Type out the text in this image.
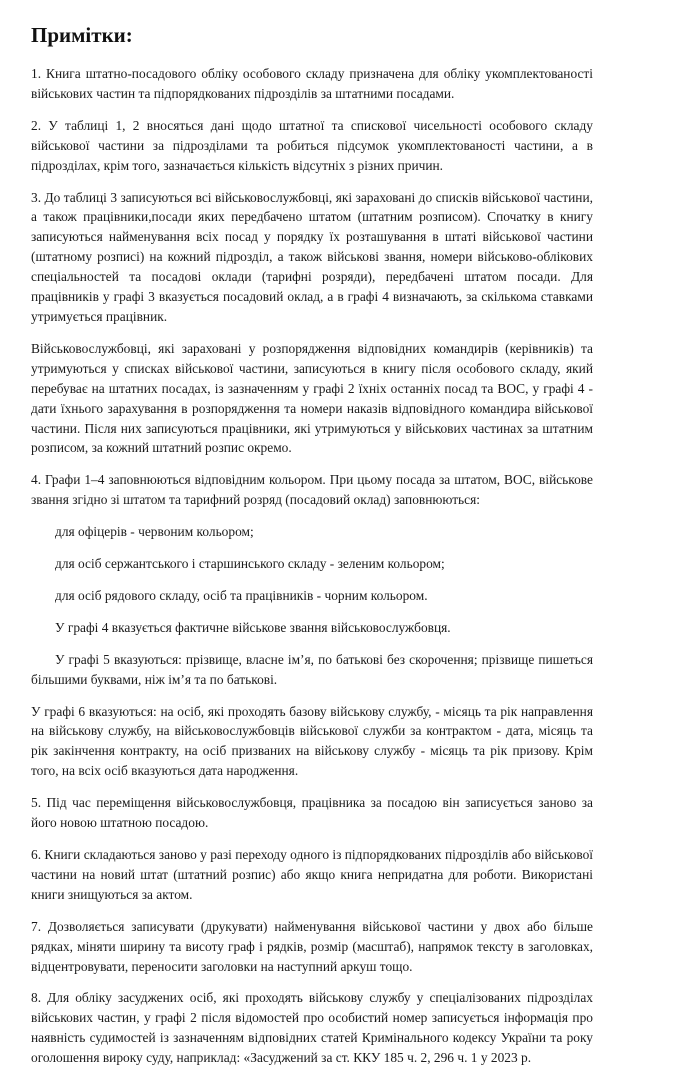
Примітки:

1. Книга штатно-посадового обліку особового складу призначена для обліку укомплектованості військових частин та підпорядкованих підрозділів за штатними посадами.

2. У таблиці 1, 2 вносяться дані щодо штатної та спискової чисельності особового складу військової частини за підрозділами та робиться підсумок укомплектованості частини, а в підрозділах, крім того, зазначається кількість відсутніх з різних причин.

3. До таблиці 3 записуються всі військовослужбовці, які зараховані до списків військової частини, а також працівники,посади яких передбачено штатом (штатним розписом). Спочатку в книгу записуються найменування всіх посад у порядку їх розташування в штаті військової частини (штатному розписі) на кожний підрозділ, а також військові звання, номери військово-облікових спеціальностей та посадові оклади (тарифні розряди), передбачені штатом посади. Для працівників у графі 3 вказується посадовий оклад, а в графі 4 визначають, за скількома ставками утримується працівник.

Військовослужбовці, які зараховані у розпорядження відповідних командирів (керівників) та утримуються у списках військової частини, записуються в книгу після особового складу, який перебуває на штатних посадах, із зазначенням у графі 2 їхніх останніх посад та ВОС, у графі 4 - дати їхнього зарахування в розпорядження та номери наказів відповідного командира військової частини. Після них записуються працівники, які утримуються у військових частинах за штатним розписом, за кожний штатний розпис окремо.

4. Графи 1–4 заповнюються відповідним кольором. При цьому посада за штатом, ВОС, військове звання згідно зі штатом та тарифний розряд (посадовий оклад) заповнюються:

для офіцерів - червоним кольором;

для осіб сержантського і старшинського складу - зеленим кольором;

для осіб рядового складу, осіб та працівників - чорним кольором.

У графі 4 вказується фактичне військове звання військовослужбовця.

У графі 5 вказуються: прізвище, власне ім’я, по батькові без скорочення; прізвище пишеться більшими буквами, ніж ім’я та по батькові.

У графі 6 вказуються: на осіб, які проходять базову військову службу, - місяць та рік направлення на військову службу, на військовослужбовців військової служби за контрактом - дата, місяць та рік закінчення контракту, на осіб призваних на військову службу - місяць та рік призову. Крім того, на всіх осіб вказуються дата народження.

5. Під час переміщення військовослужбовця, працівника за посадою він записується заново за його новою штатною посадою.

6. Книги складаються заново у разі переходу одного із підпорядкованих підрозділів або військової частини на новий штат (штатний розпис) або якщо книга непридатна для роботи. Використані книги знищуються за актом.

7. Дозволяється записувати (друкувати) найменування військової частини у двох або більше рядках, міняти ширину та висоту граф і рядків, розмір (масштаб), напрямок тексту в заголовках, відцентровувати, переносити заголовки на наступний аркуш тощо.

8. Для обліку засуджених осіб, які проходять військову службу у спеціалізованих підрозділах військових частин, у графі 2 після відомостей про особистий номер записується інформація про наявність судимостей із зазначенням відповідних статей Кримінального кодексу України та року оголошення вироку суду, наприклад: «Засуджений за ст. ККУ 185 ч. 2, 296 ч. 1 у 2023 р.
